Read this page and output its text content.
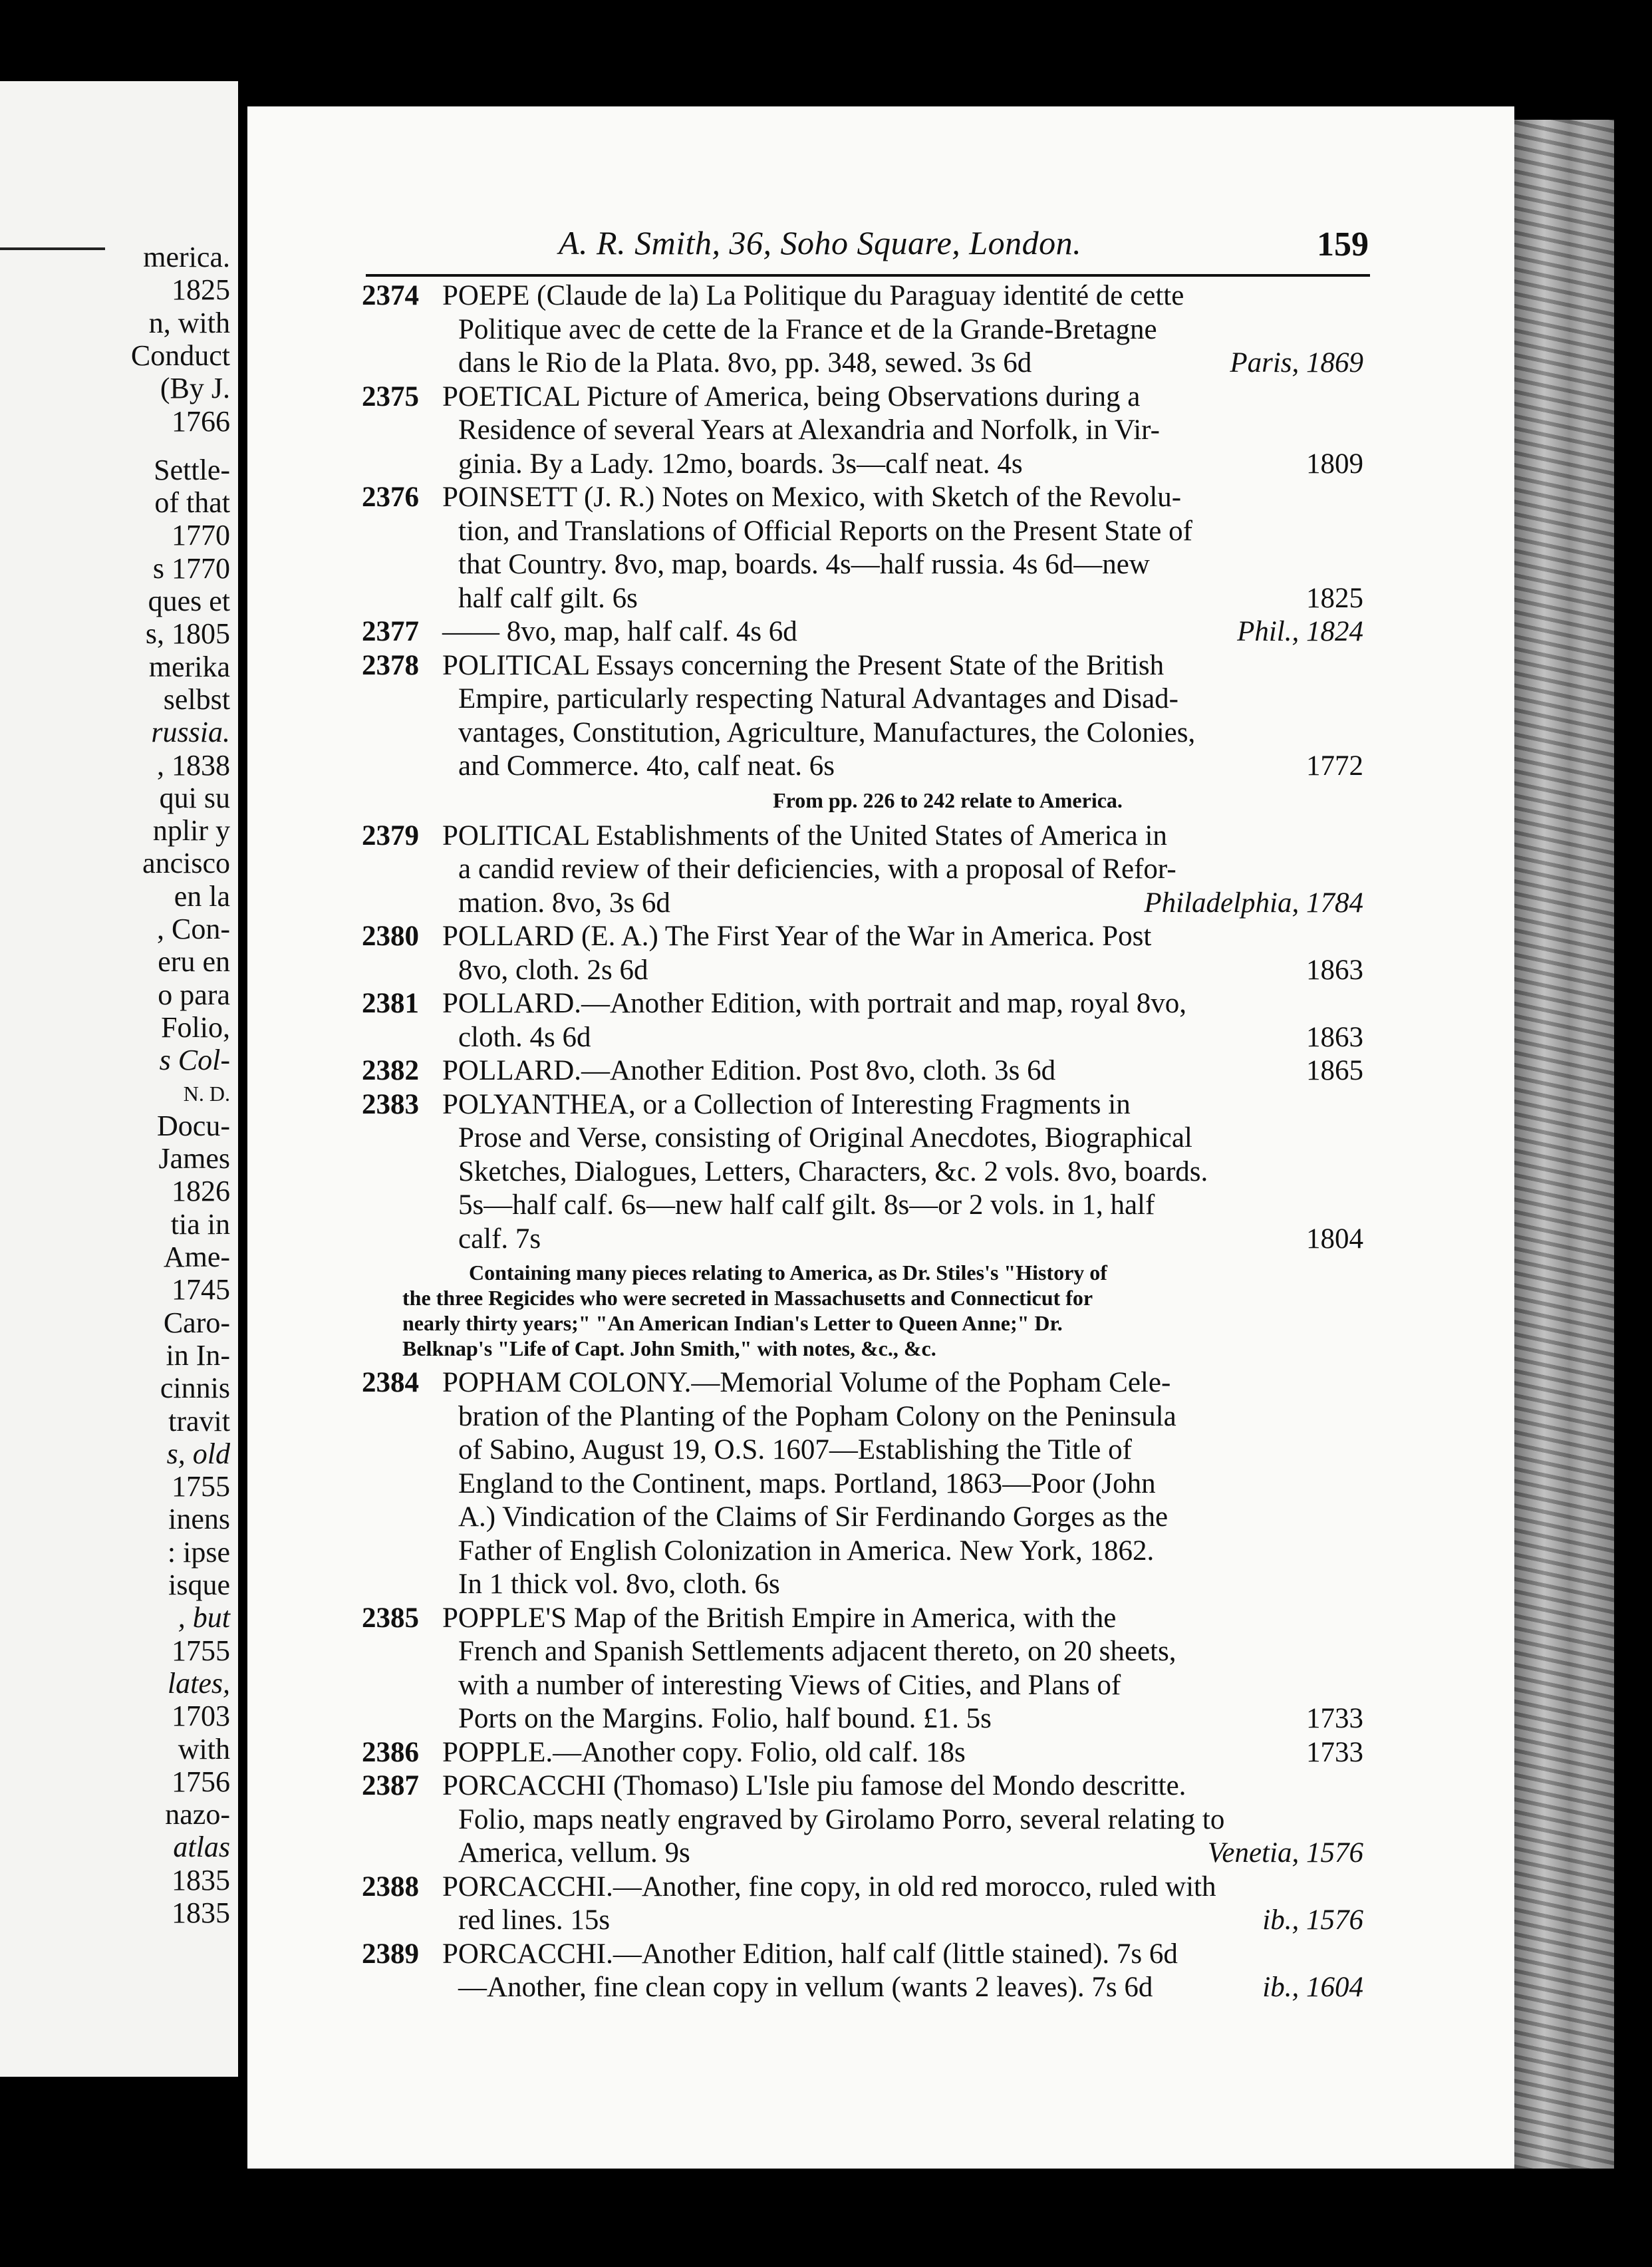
merica.
1825
n, with
Conduct
(By J.
1766
Settle-
of that
1770
s 1770
ques et
s, 1805
merika
selbst
russia.
, 1838
qui su
nplir y
ancisco
en la
, Con-
eru en
o para
Folio,
s Col-
N. D.
Docu-
James
1826
tia in
Ame-
1745
Caro-
in In-
cinnis
travit
s, old
1755
inens
: ipse
isque
, but
1755
lates,
1703
with
1756
nazo-
atlas
1835
1835
A. R. Smith, 36, Soho Square, London.	159
2374 POEPE (Claude de la) La Politique du Paraguay identité de cette
Politique avec de cette de la France et de la Grande-Bretagne
dans le Rio de la Plata. 8vo, pp. 348, sewed. 3s 6d	Paris, 1869
2375 POETICAL Picture of America, being Observations during a
Residence of several Years at Alexandria and Norfolk, in Vir-
ginia. By a Lady. 12mo, boards. 3s—calf neat. 4s	1809
2376 POINSETT (J. R.) Notes on Mexico, with Sketch of the Revolu-
tion, and Translations of Official Reports on the Present State of
that Country. 8vo, map, boards. 4s—half russia. 4s 6d—new
half calf gilt. 6s	1825
2377 —— 8vo, map, half calf. 4s 6d	Phil., 1824
2378 POLITICAL Essays concerning the Present State of the British
Empire, particularly respecting Natural Advantages and Disad-
vantages, Constitution, Agriculture, Manufactures, the Colonies,
and Commerce. 4to, calf neat. 6s	1772
From pp. 226 to 242 relate to America.
2379 POLITICAL Establishments of the United States of America in
a candid review of their deficiencies, with a proposal of Refor-
mation. 8vo, 3s 6d	Philadelphia, 1784
2380 POLLARD (E. A.) The First Year of the War in America. Post
8vo, cloth. 2s 6d	1863
2381 POLLARD.—Another Edition, with portrait and map, royal 8vo,
cloth. 4s 6d	1863
2382 POLLARD.—Another Edition. Post 8vo, cloth. 3s 6d	1865
2383 POLYANTHEA, or a Collection of Interesting Fragments in
Prose and Verse, consisting of Original Anecdotes, Biographical
Sketches, Dialogues, Letters, Characters, &c. 2 vols. 8vo, boards.
5s—half calf. 6s—new half calf gilt. 8s—or 2 vols. in 1, half
calf. 7s	1804
Containing many pieces relating to America, as Dr. Stiles's "History of
the three Regicides who were secreted in Massachusetts and Connecticut for
nearly thirty years;" "An American Indian's Letter to Queen Anne;" Dr.
Belknap's "Life of Capt. John Smith," with notes, &c., &c.
2384 POPHAM COLONY.—Memorial Volume of the Popham Cele-
bration of the Planting of the Popham Colony on the Peninsula
of Sabino, August 19, O.S. 1607—Establishing the Title of
England to the Continent, maps. Portland, 1863—Poor (John
A.) Vindication of the Claims of Sir Ferdinando Gorges as the
Father of English Colonization in America. New York, 1862.
In 1 thick vol. 8vo, cloth. 6s
2385 POPPLE'S Map of the British Empire in America, with the
French and Spanish Settlements adjacent thereto, on 20 sheets,
with a number of interesting Views of Cities, and Plans of
Ports on the Margins. Folio, half bound. £1. 5s	1733
2386 POPPLE.—Another copy. Folio, old calf. 18s	1733
2387 PORCACCHI (Thomaso) L'Isle piu famose del Mondo descritte.
Folio, maps neatly engraved by Girolamo Porro, several relating to
America, vellum. 9s	Venetia, 1576
2388 PORCACCHI.—Another, fine copy, in old red morocco, ruled with
red lines. 15s	ib., 1576
2389 PORCACCHI.—Another Edition, half calf (little stained). 7s 6d
—Another, fine clean copy in vellum (wants 2 leaves). 7s 6d	ib., 1604
